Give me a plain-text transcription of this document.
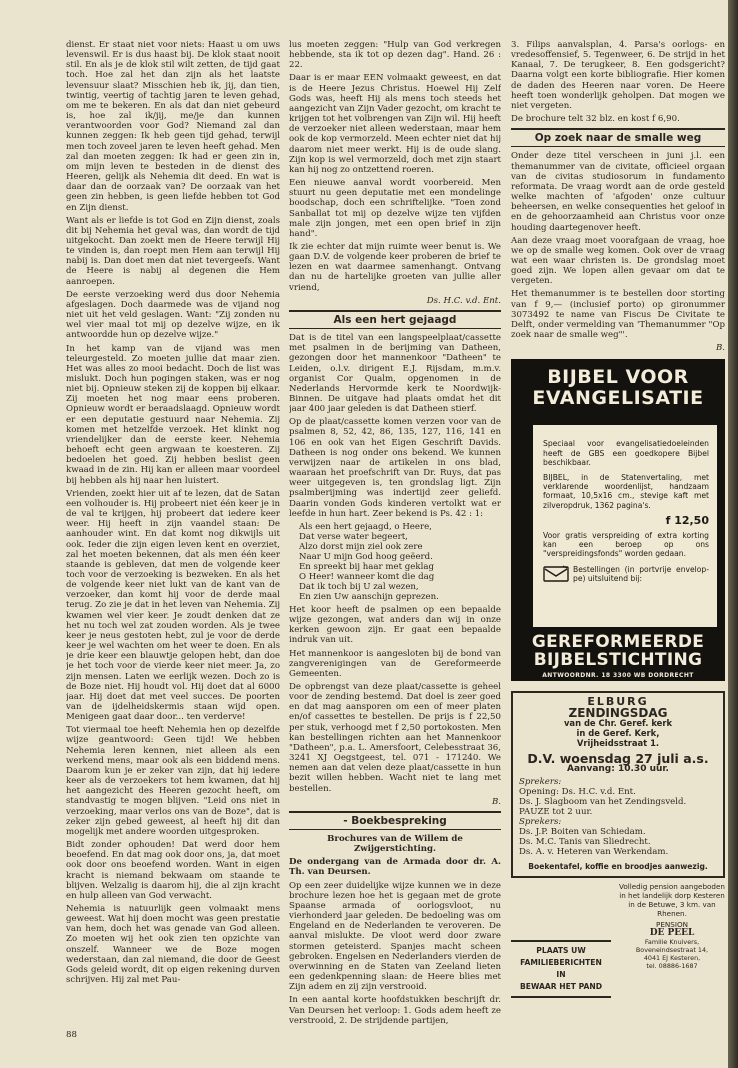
dienst. Er staat niet voor niets: Haast u om uws levenswil. Er is dus haast bij. De klok staat nooit stil. En als je de klok stil wilt zetten, de tijd gaat toch. Hoe zal het dan zijn als het laatste levensuur slaat? Misschien heb ik, jij, dan tien, twintig, veertig of tachtig jaren te leven gehad, om me te bekeren. En als dat dan niet gebeurd is, hoe zal ik/jij, me/je dan kunnen verantwoorden voor God? Niemand zal dan kunnen zeggen: Ik heb geen tijd gehad, terwijl men toch zoveel jaren te leven heeft gehad. Men zal dan moeten zeggen: Ik had er geen zin in, om mijn leven te besteden in de dienst des Heeren, gelijk als Nehemia dit deed. En wat is daar dan de oorzaak van? De oorzaak van het geen zin hebben, is geen liefde hebben tot God en Zijn dienst.

Want als er liefde is tot God en Zijn dienst, zoals dit bij Nehemia het geval was, dan wordt de tijd uitgekocht. Dan zoekt men de Heere terwijl Hij te vinden is, dan roept men Hem aan terwijl Hij nabij is. Dan doet men dat niet tevergeefs. Want de Heere is nabij al degenen die Hem aanroepen.

De eerste verzoeking werd dus door Nehemia afgeslagen. Doch daarmede was de vijand nog niet uit het veld geslagen. Want: "Zij zonden nu wel vier maal tot mij op dezelve wijze, en ik antwoordde hun op dezelve wijze."

In het kamp van de vijand was men teleurgesteld. Zo moeten jullie dat maar zien. Het was alles zo mooi bedacht. Doch de list was mislukt. Doch hun pogingen staken, was er nog niet bij. Opnieuw steken zij de koppen bij elkaar. Zij moeten het nog maar eens proberen. Opnieuw wordt er beraadslaagd. Opnieuw wordt er een deputatie gestuurd naar Nehemia. Zij komen met hetzelfde verzoek. Het klinkt nog vriendelijker dan de eerste keer. Nehemia behoeft echt geen argwaan te koesteren. Zij bedoelen het goed. Zij hebben beslist geen kwaad in de zin. Hij kan er alleen maar voordeel bij hebben als hij naar hen luistert.

Vrienden, zoekt hier uit af te lezen, dat de Satan een volhouder is. Hij probeert niet één keer je in de val te krijgen, hij probeert dat iedere keer weer. Hij heeft in zijn vaandel staan: De aanhouder wint. En dat komt nog dikwijls uit ook. Ieder die zijn eigen leven kent en overziet, zal het moeten bekennen, dat als men één keer staande is gebleven, dat men de volgende keer toch voor de verzoeking is bezweken. En als het de volgende keer niet lukt van de kant van de verzoeker, dan komt hij voor de derde maal terug. Zo zie je dat in het leven van Nehemia. Zij kwamen wel vier keer. Je zoudt denken dat ze het nu toch wel zat zouden worden. Als je twee keer je neus gestoten hebt, zul je voor de derde keer je wel wachten om het weer te doen. En als je drie keer een blauwtje gelopen hebt, dan doe je het toch voor de vierde keer niet meer. Ja, zo zijn mensen. Laten we eerlijk wezen. Doch zo is de Boze niet. Hij houdt vol. Hij doet dat al 6000 jaar. Hij doet dat met veel succes. De poorten van de ijdelheidskermis staan wijd open. Menigeen gaat daar door... ten verderve!

Tot viermaal toe heeft Nehemia hen op dezelfde wijze geantwoord: Geen tijd! We hebben Nehemia leren kennen, niet alleen als een werkend mens, maar ook als een biddend mens. Daarom kun je er zeker van zijn, dat hij iedere keer als de verzoekers tot hem kwamen, dat hij het aangezicht des Heeren gezocht heeft, om standvastig te mogen blijven. "Leid ons niet in verzoeking, maar verlos ons van de Boze", dat is zeker zijn gebed geweest, al heeft hij dit dan mogelijk met andere woorden uitgesproken.

Bidt zonder ophouden! Dat werd door hem beoefend. En dat mag ook door ons, ja, dat moet ook door ons beoefend worden. Want in eigen kracht is niemand bekwaam om staande te blijven. Welzalig is daarom hij, die al zijn kracht en hulp alleen van God verwacht.

Nehemia is natuurlijk geen volmaakt mens geweest. Wat hij doen mocht was geen prestatie van hem, doch het was genade van God alleen. Zo moeten wij het ook zien ten opzichte van onszelf. Wanneer we de Boze mogen wederstaan, dan zal niemand, die door de Geest Gods geleid wordt, dit op eigen rekening durven schrijven. Hij zal met Pau-

lus moeten zeggen: "Hulp van God verkregen hebbende, sta ik tot op dezen dag". Hand. 26 : 22.

Daar is er maar EEN volmaakt geweest, en dat is de Heere Jezus Christus. Hoewel Hij Zelf Gods was, heeft Hij als mens toch steeds het aangezicht van Zijn Vader gezocht, om kracht te krijgen tot het volbrengen van Zijn wil. Hij heeft de verzoeker niet alleen wederstaan, maar hem ook de kop vermorzeld. Meen echter niet dat hij daarom niet meer werkt. Hij is de oude slang. Zijn kop is wel vermorzeld, doch met zijn staart kan hij nog zo ontzettend roeren.

Een nieuwe aanval wordt voorbereid. Men stuurt nu geen deputatie met een mondelinge boodschap, doch een schriftelijke. "Toen zond Sanballat tot mij op dezelve wijze ten vijfden male zijn jongen, met een open brief in zijn hand".

Ik zie echter dat mijn ruimte weer benut is. We gaan D.V. de volgende keer proberen de brief te lezen en wat daarmee samenhangt. Ontvang dan nu de hartelijke groeten van jullie aller vriend,

Ds. H.C. v.d. Ent.

Als een hert gejaagd

Dat is de titel van een langspeelplaat/cassette met psalmen in de berijming van Datheen, gezongen door het mannenkoor "Datheen" te Leiden, o.l.v. dirigent E.J. Rijsdam, m.m.v. organist Cor Qualm, opgenomen in de Nederlands Hervormde kerk te Noordwijk-Binnen. De uitgave had plaats omdat het dit jaar 400 jaar geleden is dat Datheen stierf.

Op de plaat/cassette komen verzen voor van de psalmen 8, 52, 42, 86, 135, 127, 116, 141 en 106 en ook van het Eigen Geschrift Davids. Datheen is nog onder ons bekend. We kunnen verwijzen naar de artikelen in ons blad, waaraan het proefschrift van Dr. Ruys, dat pas weer uitgegeven is, ten grondslag ligt. Zijn psalmberijming was indertijd zeer geliefd. Daarin vonden Gods kinderen vertolkt wat er leefde in hun hart. Zeer bekend is Ps. 42 : 1:

Als een hert gejaagd, o Heere,
Dat verse water begeert,
Alzo dorst mijn ziel ook zere
Naar U mijn God hoog geëerd.
En spreekt bij haar met geklag
O Heer! wanneer komt die dag
Dat ik toch bij U zal wezen,
En zien Uw aanschijn geprezen.

Het koor heeft de psalmen op een bepaalde wijze gezongen, wat anders dan wij in onze kerken gewoon zijn. Er gaat een bepaalde indruk van uit.

Het mannenkoor is aangesloten bij de bond van zangverenigingen van de Gereformeerde Gemeenten.

De opbrengst van deze plaat/cassette is geheel voor de zending bestemd. Dat doel is zeer goed en dat mag aansporen om een of meer platen en/of cassettes te bestellen. De prijs is f 22,50 per stuk, verhoogd met f 2,50 portokosten. Men kan bestellingen richten aan het Mannenkoor "Datheen", p.a. L. Amersfoort, Celebesstraat 36, 3241 XJ Oegstgeest, tel. 071 - 171240. We nemen aan dat velen deze plaat/cassette in hun bezit willen hebben. Wacht niet te lang met bestellen.

B.

- Boekbespreking

Brochures van de Willem de Zwijgerstichting.

De ondergang van de Armada door dr. A. Th. van Deursen.

Op een zeer duidelijke wijze kunnen we in deze brochure lezen hoe het is gegaan met de grote Spaanse armada of oorlogsvloot, nu vierhonderd jaar geleden. De bedoeling was om Engeland en de Nederlanden te veroveren. De aanval mislukte. De vloot werd door zware stormen geteisterd. Spanjes macht scheen gebroken. Engelsen en Nederlanders vierden de overwinning en de Staten van Zeeland lieten een gedenkpenning slaan: de Heere blies met Zijn adem en zij zijn verstrooid.

In een aantal korte hoofdstukken beschrijft dr. Van Deursen het verloop: 1. Gods adem heeft ze verstrooid, 2. De strijdende partijen,

3. Filips aanvalsplan, 4. Parsa's oorlogs- en vredesoffensief, 5. Tegenweer, 6. De strijd in het Kanaal, 7. De terugkeer, 8. Een godsgericht? Daarna volgt een korte bibliografie. Hier komen de daden des Heeren naar voren. De Heere heeft toen wonderlijk geholpen. Dat mogen we niet vergeten.

De brochure telt 32 blz. en kost f 6,90.

Op zoek naar de smalle weg

Onder deze titel verscheen in juni j.l. een themanummer van de civitate, officieel orgaan van de civitas studiosorum in fundamento reformata. De vraag wordt aan de orde gesteld welke machten of 'afgoden' onze cultuur beheersen, en welke consequenties het geloof in en de gehoorzaamheid aan Christus voor onze houding daartegenover heeft.

Aan deze vraag moet voorafgaan de vraag, hoe we op de smalle weg komen. Ook over de vraag wat een waar christen is. De grondslag moet goed zijn. We lopen allen gevaar om dat te vergeten.

Het themanummer is te bestellen door storting van f 9,— (inclusief porto) op gironummer 3073492 te name van Fiscus De Civitate te Delft, onder vermelding van 'Themanummer "Op zoek naar de smalle weg"'.

B.

BIJBEL VOOR
EVANGELISATIE

Speciaal voor evangelisatiedoeleinden heeft de GBS een goedkopere Bijbel beschikbaar.

BIJBEL, in de Statenvertaling, met verklarende woordenlijst, handzaam formaat, 10,5x16 cm., stevige kaft met zilveropdruk, 1362 pagina's.

f 12,50

Voor gratis verspreiding of extra korting kan een beroep op ons "verspreidingsfonds" worden gedaan.

Bestellingen (in portvrije envelop-pe) uitsluitend bij:

GEREFORMEERDE
BIJBELSTICHTING
ANTWOORDNR. 18 3300 WB DORDRECHT
ELBURG
ZENDINGSDAG
van de Chr. Geref. kerk
in de Geref. Kerk,
Vrijheidsstraat 1.
D.V. woensdag 27 juli a.s.
Aanvang: 10.30 uur.
Sprekers:
Opening: Ds. H.C. v.d. Ent.
Ds. J. Slagboom van het Zendingsveld.
PAUZE tot 2 uur.
Sprekers:
Ds. J.P. Boiten van Schiedam.
Ds. M.C. Tanis van Sliedrecht.
Ds. A. v. Heteren van Werkendam.
Boekentafel, koffie en broodjes aanwezig.
PLAATS UW
FAMILIEBERICHTEN
IN
BEWAAR HET PAND
Volledig pension aangeboden in het landelijk dorp Kesteren in de Betuwe, 3 km. van Rhenen.
PENSION
DE PEEL
Familie Knuivers,
Boveneindsestraat 14,
4041 EJ Kesteren,
tel. 08886-1687
88
